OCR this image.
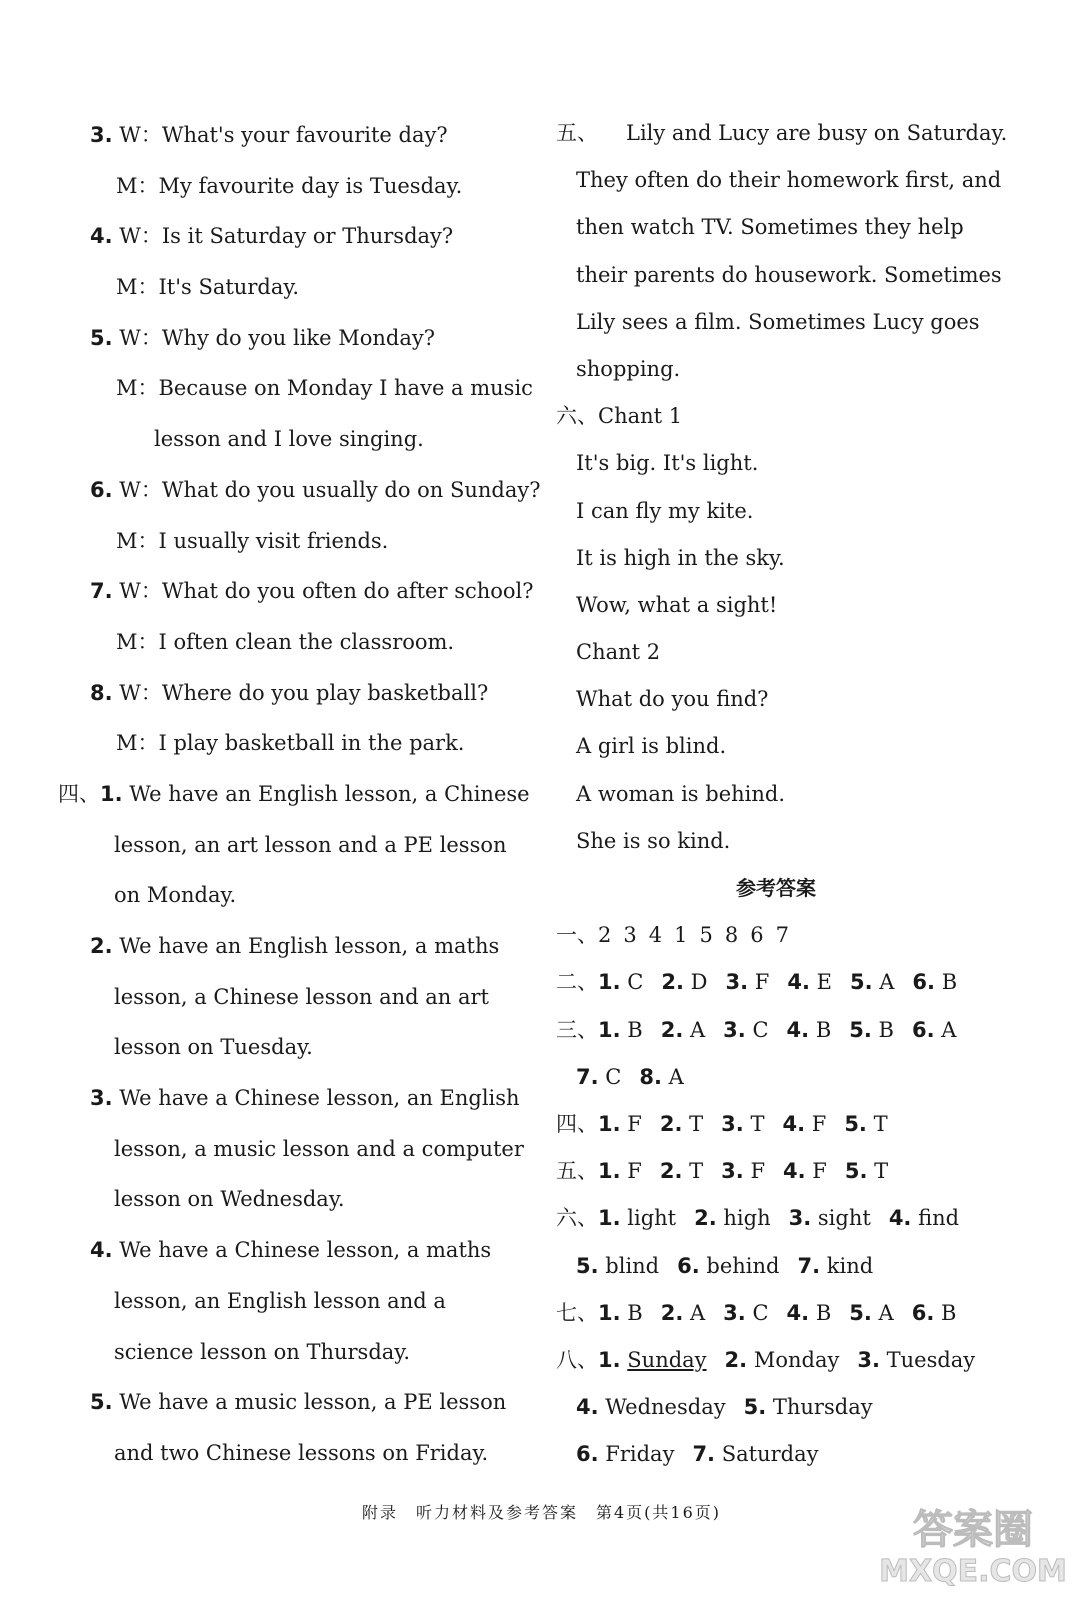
3. W：What's your favourite day?
M：My favourite day is Tuesday.
4. W：Is it Saturday or Thursday?
M：It's Saturday.
5. W：Why do you like Monday?
M：Because on Monday I have a music
lesson and I love singing.
6. W：What do you usually do on Sunday?
M：I usually visit friends.
7. W：What do you often do after school?
M：I often clean the classroom.
8. W：Where do you play basketball?
M：I play basketball in the park.
四、1. We have an English lesson, a Chinese
lesson, an art lesson and a PE lesson
on Monday.
2. We have an English lesson, a maths
lesson, a Chinese lesson and an art
lesson on Tuesday.
3. We have a Chinese lesson, an English
lesson, a music lesson and a computer
lesson on Wednesday.
4. We have a Chinese lesson, a maths
lesson, an English lesson and a
science lesson on Thursday.
5. We have a music lesson, a PE lesson
and two Chinese lessons on Friday.
五、 Lily and Lucy are busy on Saturday.
They often do their homework first, and
then watch TV. Sometimes they help
their parents do housework. Sometimes
Lily sees a film. Sometimes Lucy goes
shopping.
六、Chant 1
It's big. It's light.
I can fly my kite.
It is high in the sky.
Wow, what a sight!
Chant 2
What do you find?
A girl is blind.
A woman is behind.
She is so kind.
参考答案
一、2 3 4 1 5 8 6 7
二、1. C 2. D 3. F 4. E 5. A 6. B
三、1. B 2. A 3. C 4. B 5. B 6. A
7. C 8. A
四、1. F 2. T 3. T 4. F 5. T
五、1. F 2. T 3. F 4. F 5. T
六、1. light 2. high 3. sight 4. find
5. blind 6. behind 7. kind
七、1. B 2. A 3. C 4. B 5. A 6. B
八、1. Sunday 2. Monday 3. Tuesday
4. Wednesday 5. Thursday
6. Friday 7. Saturday
附录　听力材料及参考答案　第4页(共16页)	答案圈
MXQE.COM
